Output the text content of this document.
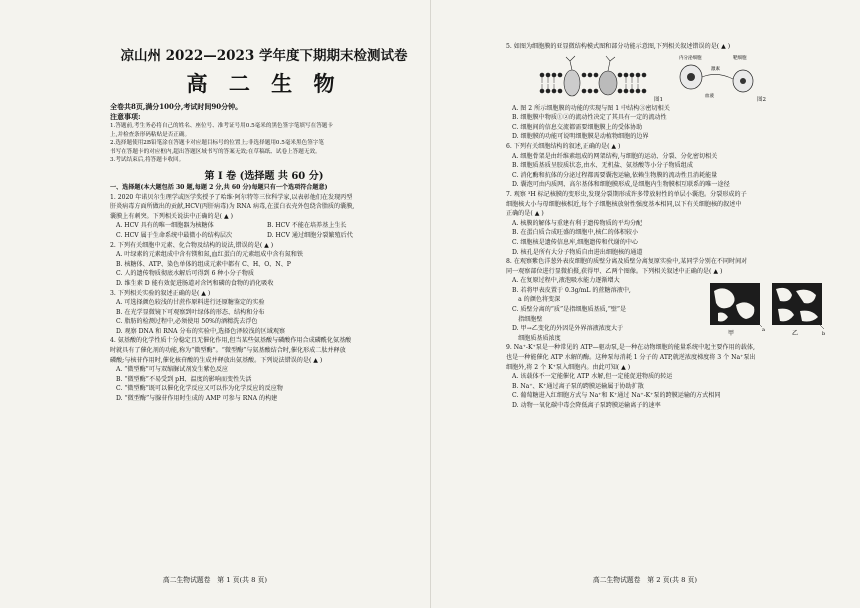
凉山州 2022—2023 学年度下期期末检测试卷

高 二 生 物

全卷共8页,满分100分,考试时间90分钟。

注意事项:

1.答题前,考生务必将自己的姓名、座位号、准考证号用0.5毫米的黑色签字笔填写在答题卡

上,并检查条形码粘贴是否正确。

2.选择题使用2B铅笔涂在答题卡对应题目标号的位置上;非选择题用0.5毫米黑色签字笔

书写在答题卡的对应框内,超出答题区域书写的答案无效;在草稿纸、试卷上答题无效。

3.考试结束后,将答题卡收回。

第 Ⅰ 卷 (选择题 共 60 分)

一、选择题(本大题包括 30 题,每题 2 分,共 60 分)每题只有一个选项符合题意)

1. 2020 年诺贝尔生理学或医学奖授予了哈维·阿尔特等三位科学家,以表彰他们在发现丙型

肝炎病毒方面所做出的贡献,HCV(丙肝病毒)为 RNA 病毒,在蛋白衣壳外包绕含脂质的囊膜,

囊膜上有刺突。下列相关说法中正确的是( ▲ )

A. HCV 具有的唯一细胞器为核糖体	B. HCV 不能在培养基上生长
C. HCV 属于生命系统中最微小的结构层次	D. HCV 通过细胞分裂繁殖后代

2. 下列有关细胞中元素、化合物及结构的说法,错误的是( ▲ )

A. 叶绿素的元素组成中含有镁和氮,血红蛋白的元素组成中含有氮和铁

B. 核糖体、ATP、染色单体的组成元素中都有 C、H、O、N、P

C. 人的遗传物质彻底水解后可得到 6 种小分子物质

D. 维生素 D 能有效促进肠道对含钙和磷的食物的消化吸收

3. 下列相关实验的叙述正确的是( ▲ )

A. 可选择颜色较浅的甘蔗作原料进行还原糖鉴定的实验

B. 在光学显微镜下可观察到叶绿体的形态、结构和分布

C. 脂肪的检测过程中,必须使用 50%的酒精洗去浮色

D. 观察 DNA 和 RNA 分布的实验中,选择色泽较浅的区域观察

4. 氨基酸的化学性质十分稳定且无催化作用,但当某些氨基酸与磷酸作用合成磷酰化氨基酸

时就具有了催化剂的功能,称为“微型酶”。“微型酶”与氨基酸结合时,催化形成二肽并释放

磷酸;与核苷作用时,催化核苷酸的生成并释放出氨基酸。下列说法错误的是( ▲ )

A. “微型酶”可与双缩脲试剂发生紫色反应

B. “微型酶”不易受到 pH、温度的影响而变性失活

C. “微型酶”既可以催化化学反应又可以作为化学反应的反应物

D. “微型酶”与腺苷作用时生成的 AMP 可参与 RNA 的构建

高二生物试题卷　第 1 页(共 8 页)

5. 如图为细胞膜的亚显微结构模式图和部分功能示意图,下列相关叙述错误的是( ▲ )

图1
内分泌细胞	靶细胞
激素
血液
图2

A. 图 2 所示细胞膜的功能的实现与图 1 中结构③密切相关

B. 细胞膜中物质①②的流动性决定了其具有一定的流动性

C. 细胞间的信息交流都需要细胞膜上的受体协助

D. 细胞膜的功能可说明细胞膜是动植物细胞的边界

6. 下列有关细胞结构的叙述,正确的是( ▲ )

A. 细胞骨架是由纤维素组成的网架结构,与细胞的运动、分裂、分化密切相关

B. 细胞质基质呈胶质状态,由水、无机盐、氨基酸等小分子物质组成

C. 消化酶和抗体的分泌过程都需要囊泡运输,依赖生物膜的流动性且消耗能量

D. 囊泡可由内质网、高尔基体和细胞膜形成,是细胞内生物膜相互联系的唯一途径

7. 观察 ³H 标记核膜的变形虫,发现分裂期形成许多带放射性的单层小囊泡。分裂形成的子

细胞核大小与母细胞核相近,每个子细胞核放射性强度基本相同,以下有关细胞核的叙述中

正确的是( ▲ )

A. 核膜的解体与重建有利于遗传物质的平均分配

B. 在蛋白质合成旺盛的细胞中,核仁的体积较小

C. 细胞核是遗传信息库,细胞遗传和代谢的中心

D. 核孔是所有大分子物质自由进出细胞核的通道

8. 在观察紫色洋葱外表皮细胞的质壁分离及质壁分离复原实验中,某同学分别在不同时间对

同一观察部位进行显微拍摄,获得甲、乙两个图像。下列相关叙述中正确的是( ▲ )

A. 在复原过程中,液泡吸水能力逐渐增大

B. 若将甲表皮置于 0.3g/mL 的蔗糖溶液中,

　a 的颜色将变深

C. 质壁分离的“质”是指细胞质基质,“壁”是

　指细胞壁

D. 甲→乙变化的外因是外界溶液浓度大于

　细胞质基质浓度

甲	乙
a
b

9. Na⁺-K⁺泵是一种常见的 ATP—驱动泵,是一种在动物细胞的能量系统中起主要作用的载体,

也是一种能催化 ATP 水解的酶。这种泵每消耗 1 分子的 ATP,就逆浓度梯度将 3 个 Na⁺泵出

细胞外,将 2 个 K⁺泵入细胞内。由此可知( ▲ )

A. 该载体不一定能催化 ATP 水解,但一定能促进物质的转运

B. Na⁺、K⁺通过离子泵的跨膜运输属于协助扩散

C. 葡萄糖进入红细胞方式与 Na⁺和 K⁺通过 Na⁺-K⁺泵的跨膜运输的方式相同

D. 动物一氧化碳中毒会降低离子泵跨膜运输离子的速率

高二生物试题卷　第 2 页(共 8 页)
